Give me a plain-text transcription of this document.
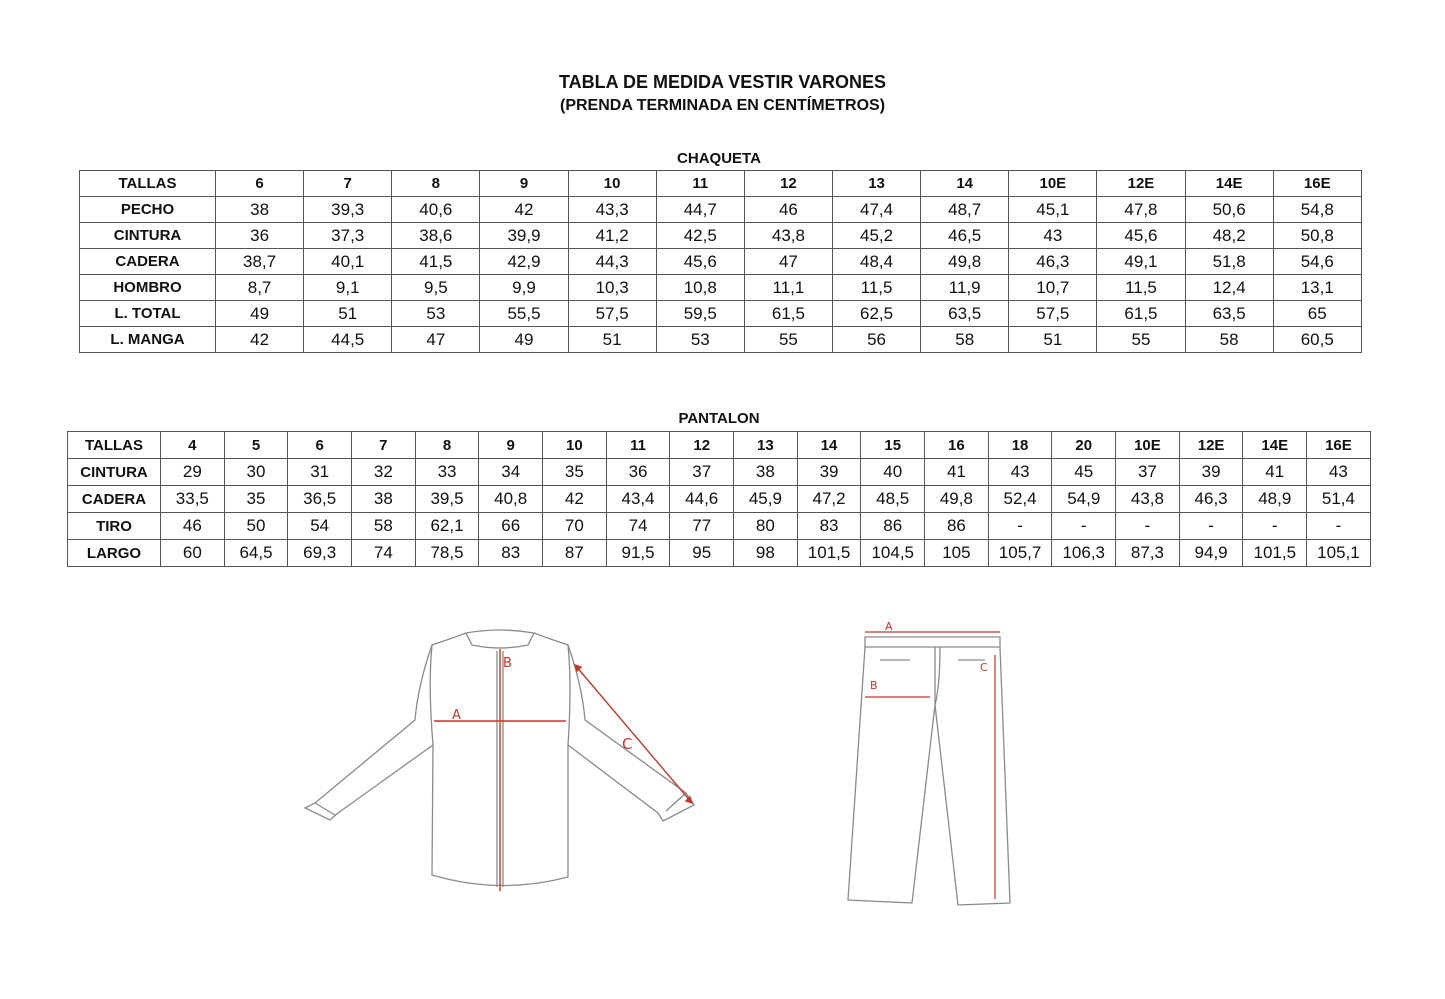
TABLA DE MEDIDA VESTIR VARONES
(PRENDA TERMINADA EN CENTÍMETROS)
CHAQUETA
TALLAS	6	7	8	9	10	11	12	13	14	10E	12E	14E	16E
PECHO	38	39,3	40,6	42	43,3	44,7	46	47,4	48,7	45,1	47,8	50,6	54,8
CINTURA	36	37,3	38,6	39,9	41,2	42,5	43,8	45,2	46,5	43	45,6	48,2	50,8
CADERA	38,7	40,1	41,5	42,9	44,3	45,6	47	48,4	49,8	46,3	49,1	51,8	54,6
HOMBRO	8,7	9,1	9,5	9,9	10,3	10,8	11,1	11,5	11,9	10,7	11,5	12,4	13,1
L. TOTAL	49	51	53	55,5	57,5	59,5	61,5	62,5	63,5	57,5	61,5	63,5	65
L. MANGA	42	44,5	47	49	51	53	55	56	58	51	55	58	60,5
PANTALON
TALLAS	4	5	6	7	8	9	10	11	12	13	14	15	16	18	20	10E	12E	14E	16E
CINTURA	29	30	31	32	33	34	35	36	37	38	39	40	41	43	45	37	39	41	43
CADERA	33,5	35	36,5	38	39,5	40,8	42	43,4	44,6	45,9	47,2	48,5	49,8	52,4	54,9	43,8	46,3	48,9	51,4
TIRO	46	50	54	58	62,1	66	70	74	77	80	83	86	86	-	-	-	-	-	-
LARGO	60	64,5	69,3	74	78,5	83	87	91,5	95	98	101,5	104,5	105	105,7	106,3	87,3	94,9	101,5	105,1
A
B
C
A
B
C
